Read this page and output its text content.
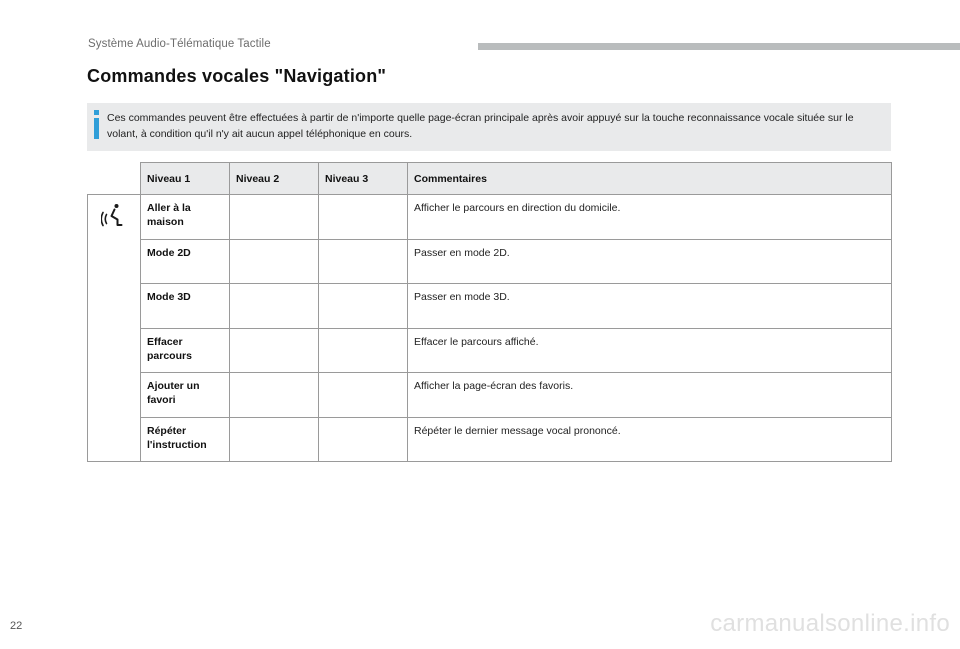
Système Audio-Télématique Tactile
Commandes vocales "Navigation"
Ces commandes peuvent être effectuées à partir de n'importe quelle page-écran principale après avoir appuyé sur la touche reconnaissance vocale située sur le volant, à condition qu'il n'y ait aucun appel téléphonique en cours.
	Niveau 1	Niveau 2	Niveau 3	Commentaires

	Aller à la maison			Afficher le parcours en direction du domicile.
	Mode 2D			Passer en mode 2D.
	Mode 3D			Passer en mode 3D.
	Effacer parcours			Effacer le parcours affiché.
	Ajouter un favori			Afficher la page-écran des favoris.
	Répéter l'instruction			Répéter le dernier message vocal prononcé.
22	carmanualsonline.info
